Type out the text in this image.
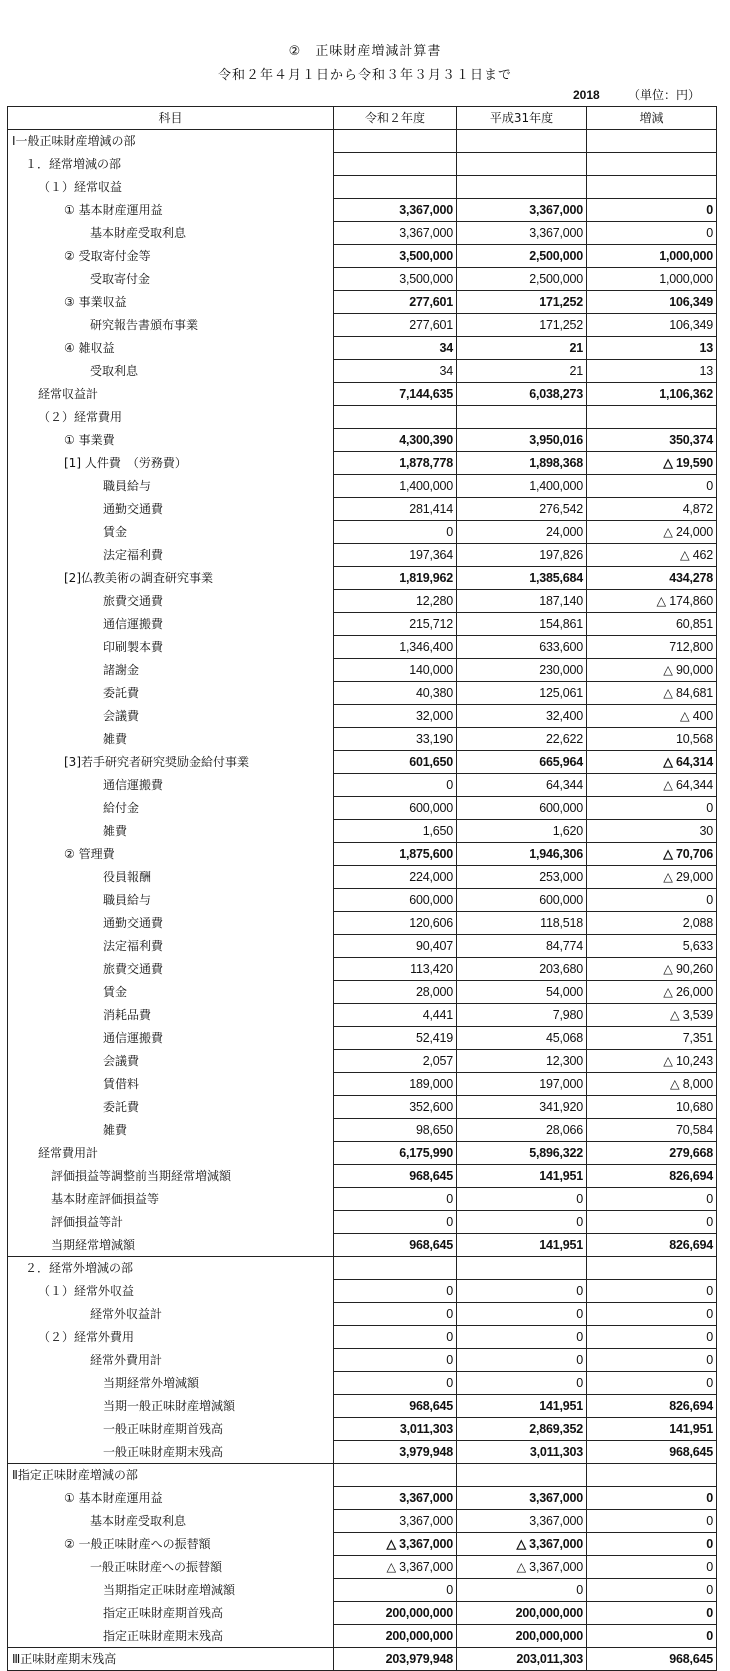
②　正味財産増減計算書
令和２年４月１日から令和３年３月３１日まで
2018 （単位：円）
科目	令和２年度	平成31年度	増減
Ⅰ一般正味財産増減の部			
１．経常増減の部			
（１）経常収益			
① 基本財産運用益	3,367,000	3,367,000	0
基本財産受取利息	3,367,000	3,367,000	0
② 受取寄付金等	3,500,000	2,500,000	1,000,000
受取寄付金	3,500,000	2,500,000	1,000,000
③ 事業収益	277,601	171,252	106,349
研究報告書頒布事業	277,601	171,252	106,349
④ 雑収益	34	21	13
受取利息	34	21	13
経常収益計	7,144,635	6,038,273	1,106,362
（２）経常費用			
① 事業費	4,300,390	3,950,016	350,374
[1] 人件費　（労務費）	1,878,778	1,898,368	△ 19,590
職員給与	1,400,000	1,400,000	0
通勤交通費	281,414	276,542	4,872
賃金	0	24,000	△ 24,000
法定福利費	197,364	197,826	△ 462
[2]仏教美術の調査研究事業	1,819,962	1,385,684	434,278
旅費交通費	12,280	187,140	△ 174,860
通信運搬費	215,712	154,861	60,851
印刷製本費	1,346,400	633,600	712,800
諸謝金	140,000	230,000	△ 90,000
委託費	40,380	125,061	△ 84,681
会議費	32,000	32,400	△ 400
雑費	33,190	22,622	10,568
[3]若手研究者研究奨励金給付事業	601,650	665,964	△ 64,314
通信運搬費	0	64,344	△ 64,344
給付金	600,000	600,000	0
雑費	1,650	1,620	30
② 管理費	1,875,600	1,946,306	△ 70,706
役員報酬	224,000	253,000	△ 29,000
職員給与	600,000	600,000	0
通勤交通費	120,606	118,518	2,088
法定福利費	90,407	84,774	5,633
旅費交通費	113,420	203,680	△ 90,260
賃金	28,000	54,000	△ 26,000
消耗品費	4,441	7,980	△ 3,539
通信運搬費	52,419	45,068	7,351
会議費	2,057	12,300	△ 10,243
賃借料	189,000	197,000	△ 8,000
委託費	352,600	341,920	10,680
雑費	98,650	28,066	70,584
経常費用計	6,175,990	5,896,322	279,668
評価損益等調整前当期経常増減額	968,645	141,951	826,694
基本財産評価損益等	0	0	0
評価損益等計	0	0	0
当期経常増減額	968,645	141,951	826,694
２．経常外増減の部			
（１）経常外収益	0	0	0
経常外収益計	0	0	0
（２）経常外費用	0	0	0
経常外費用計	0	0	0
当期経常外増減額	0	0	0
当期一般正味財産増減額	968,645	141,951	826,694
一般正味財産期首残高	3,011,303	2,869,352	141,951
一般正味財産期末残高	3,979,948	3,011,303	968,645
Ⅱ指定正味財産増減の部			
① 基本財産運用益	3,367,000	3,367,000	0
基本財産受取利息	3,367,000	3,367,000	0
② 一般正味財産への振替額	△ 3,367,000	△ 3,367,000	0
一般正味財産への振替額	△ 3,367,000	△ 3,367,000	0
当期指定正味財産増減額	0	0	0
指定正味財産期首残高	200,000,000	200,000,000	0
指定正味財産期末残高	200,000,000	200,000,000	0
Ⅲ正味財産期末残高	203,979,948	203,011,303	968,645
